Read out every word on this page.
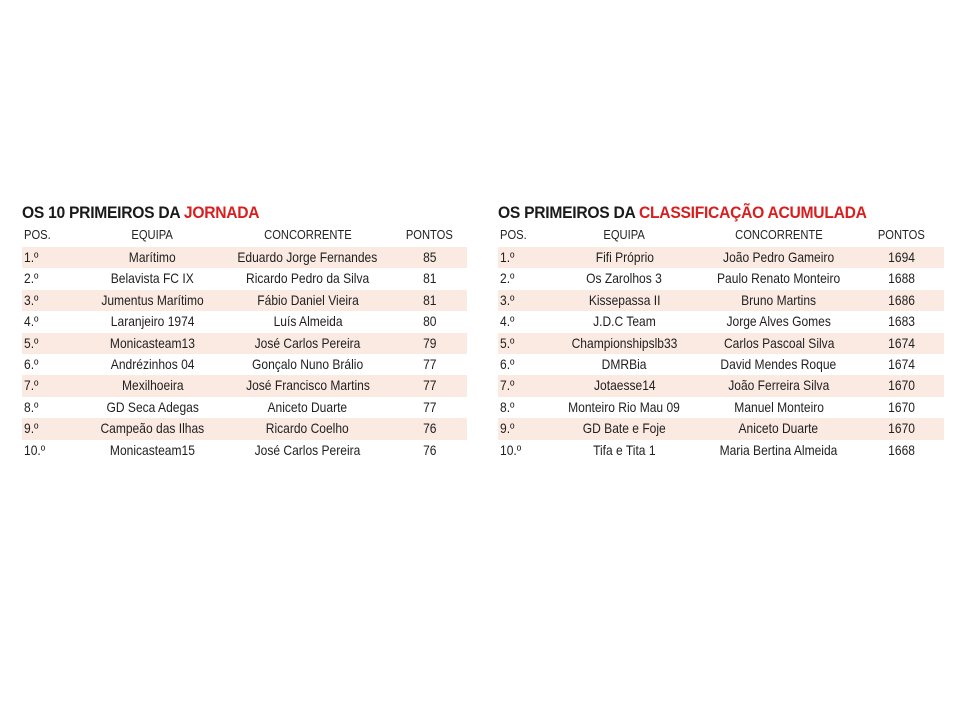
OS 10 PRIMEIROS DA JORNADA
POS.	EQUIPA	CONCORRENTE	PONTOS
1.º	Marítimo	Eduardo Jorge Fernandes	85
2.º	Belavista FC IX	Ricardo Pedro da Silva	81
3.º	Jumentus Marítimo	Fábio Daniel Vieira	81
4.º	Laranjeiro 1974	Luís Almeida	80
5.º	Monicasteam13	José Carlos Pereira	79
6.º	Andrézinhos 04	Gonçalo Nuno Brálio	77
7.º	Mexilhoeira	José Francisco Martins	77
8.º	GD Seca Adegas	Aniceto Duarte	77
9.º	Campeão das Ilhas	Ricardo Coelho	76
10.º	Monicasteam15	José Carlos Pereira	76
OS PRIMEIROS DA CLASSIFICAÇÃO ACUMULADA
POS.	EQUIPA	CONCORRENTE	PONTOS
1.º	Fifi Próprio	João Pedro Gameiro	1694
2.º	Os Zarolhos 3	Paulo Renato Monteiro	1688
3.º	Kissepassa II	Bruno Martins	1686
4.º	J.D.C Team	Jorge Alves Gomes	1683
5.º	Championshipslb33	Carlos Pascoal Silva	1674
6.º	DMRBia	David Mendes Roque	1674
7.º	Jotaesse14	João Ferreira Silva	1670
8.º	Monteiro Rio Mau 09	Manuel Monteiro	1670
9.º	GD Bate e Foje	Aniceto Duarte	1670
10.º	Tifa e Tita 1	Maria Bertina Almeida	1668
